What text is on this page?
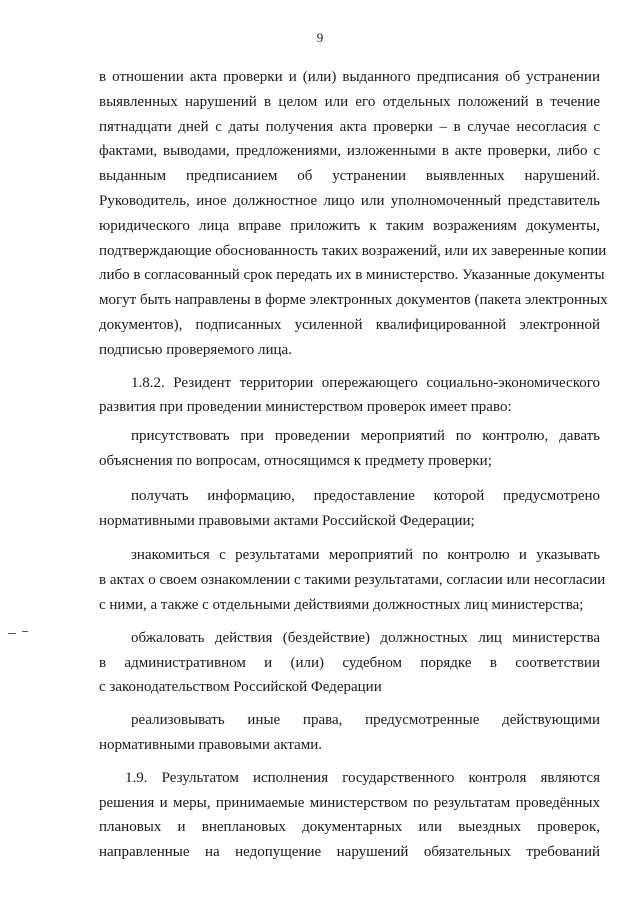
9
в отношении акта проверки и (или) выданного предписания об устранении
выявленных нарушений в целом или его отдельных положений в течение
пятнадцати дней с даты получения акта проверки – в случае несогласия с
фактами, выводами, предложениями, изложенными в акте проверки, либо с
выданным предписанием об устранении выявленных нарушений.
Руководитель, иное должностное лицо или уполномоченный представитель
юридического лица вправе приложить к таким возражениям документы,
подтверждающие обоснованность таких возражений, или их заверенные копии
либо в согласованный срок передать их в министерство. Указанные документы
могут быть направлены в форме электронных документов (пакета электронных
документов), подписанных усиленной квалифицированной электронной
подписью проверяемого лица.
1.8.2. Резидент территории опережающего социально-экономического
развития при проведении министерством проверок имеет право:
присутствовать при проведении мероприятий по контролю, давать
объяснения по вопросам, относящимся к предмету проверки;
получать информацию, предоставление которой предусмотрено
нормативными правовыми актами Российской Федерации;
знакомиться с результатами мероприятий по контролю и указывать
в актах о своем ознакомлении с такими результатами, согласии или несогласии
с ними, а также с отдельными действиями должностных лиц министерства;
обжаловать действия (бездействие) должностных лиц министерства
в административном и (или) судебном порядке в соответствии
с законодательством Российской Федерации
реализовывать иные права, предусмотренные действующими
нормативными правовыми актами.
1.9. Результатом исполнения государственного контроля являются
решения и меры, принимаемые министерством по результатам проведённых
плановых и внеплановых документарных или выездных проверок,
направленные на недопущение нарушений обязательных требований
